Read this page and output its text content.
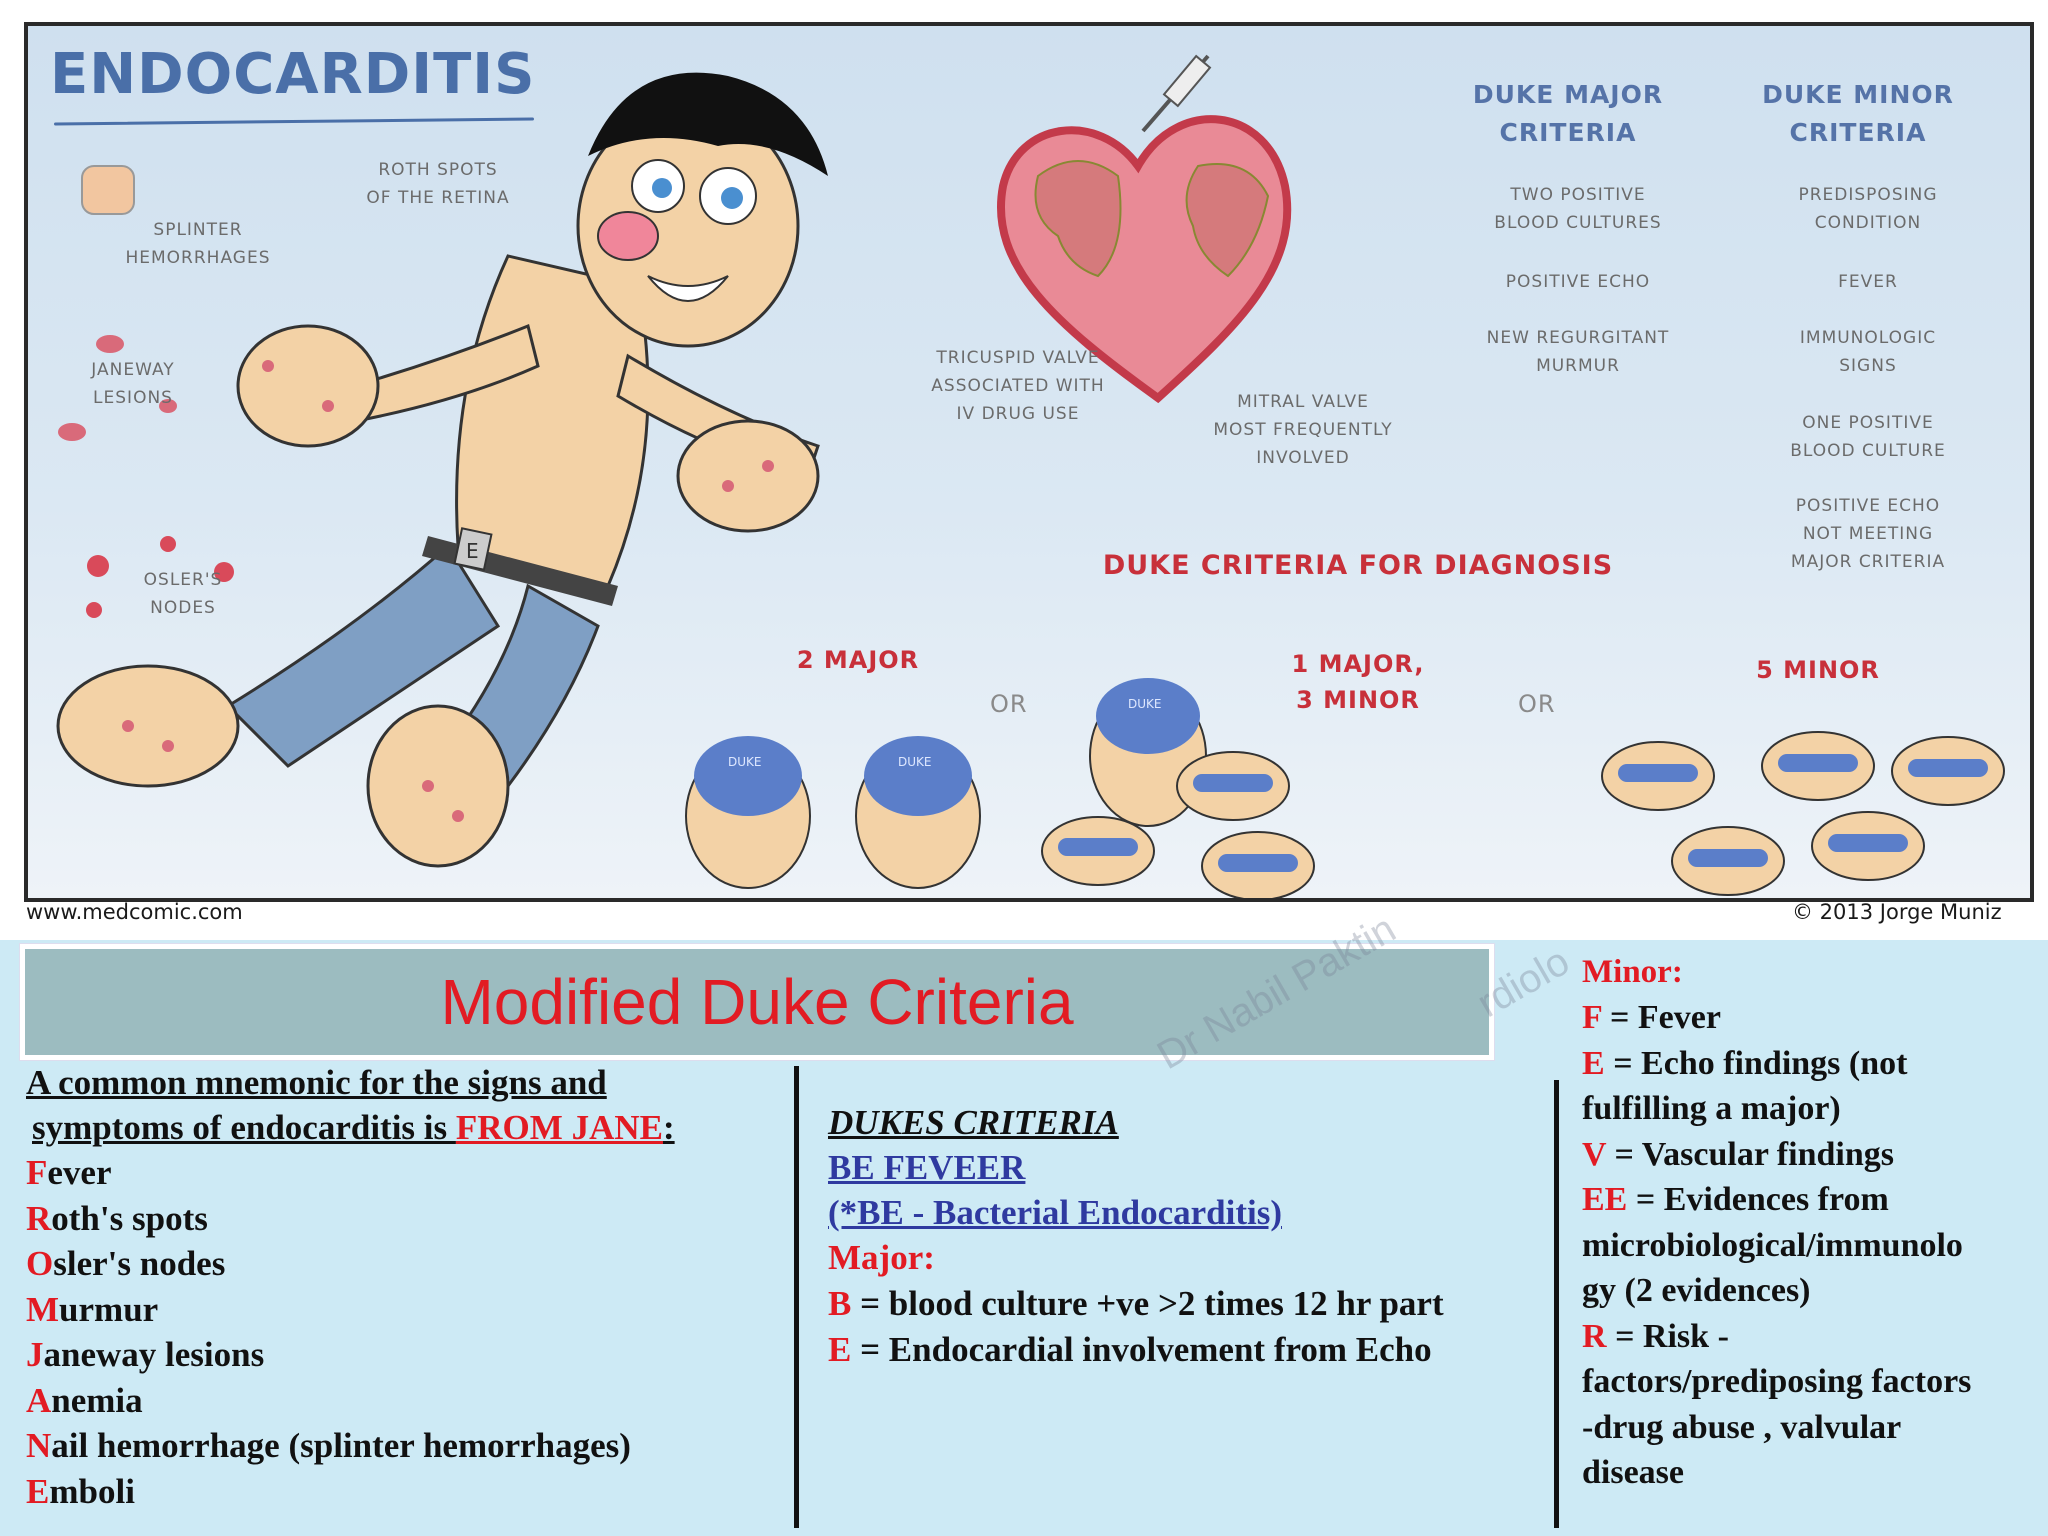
E
DUKE	DUKE
DUKE
ENDOCARDITIS
ROTH SPOTS
OF THE RETINA
SPLINTER
HEMORRHAGES
JANEWAY
LESIONS
OSLER'S
NODES
TRICUSPID VALVE
ASSOCIATED WITH
IV DRUG USE
MITRAL VALVE
MOST FREQUENTLY
INVOLVED
DUKE MAJOR
CRITERIA
TWO POSITIVE
BLOOD CULTURES
POSITIVE ECHO
NEW REGURGITANT
MURMUR
DUKE MINOR
CRITERIA
PREDISPOSING
CONDITION
FEVER
IMMUNOLOGIC
SIGNS
ONE POSITIVE
BLOOD CULTURE
POSITIVE ECHO
NOT MEETING
MAJOR CRITERIA
DUKE CRITERIA FOR DIAGNOSIS
2 MAJOR
OR
1 MAJOR,
3 MINOR	OR
5 MINOR
www.medcomic.com	© 2013 Jorge Muniz
Modified Duke Criteria	Dr Nabil Paktin rdiolo
A common mnemonic for the signs and
symptoms of endocarditis is FROM JANE:
Fever
Roth's spots
Osler's nodes
Murmur
Janeway lesions
Anemia
Nail hemorrhage (splinter hemorrhages)
Emboli
DUKES CRITERIA
BE FEVEER
(*BE - Bacterial Endocarditis)
Major:
B = blood culture +ve >2 times 12 hr part
E = Endocardial involvement from Echo
Minor:
F = Fever
E = Echo findings (not
fulfilling a major)
V = Vascular findings
EE = Evidences from
microbiological/immunolo
gy (2 evidences)
R = Risk -
factors/prediposing factors
-drug abuse , valvular
disease
